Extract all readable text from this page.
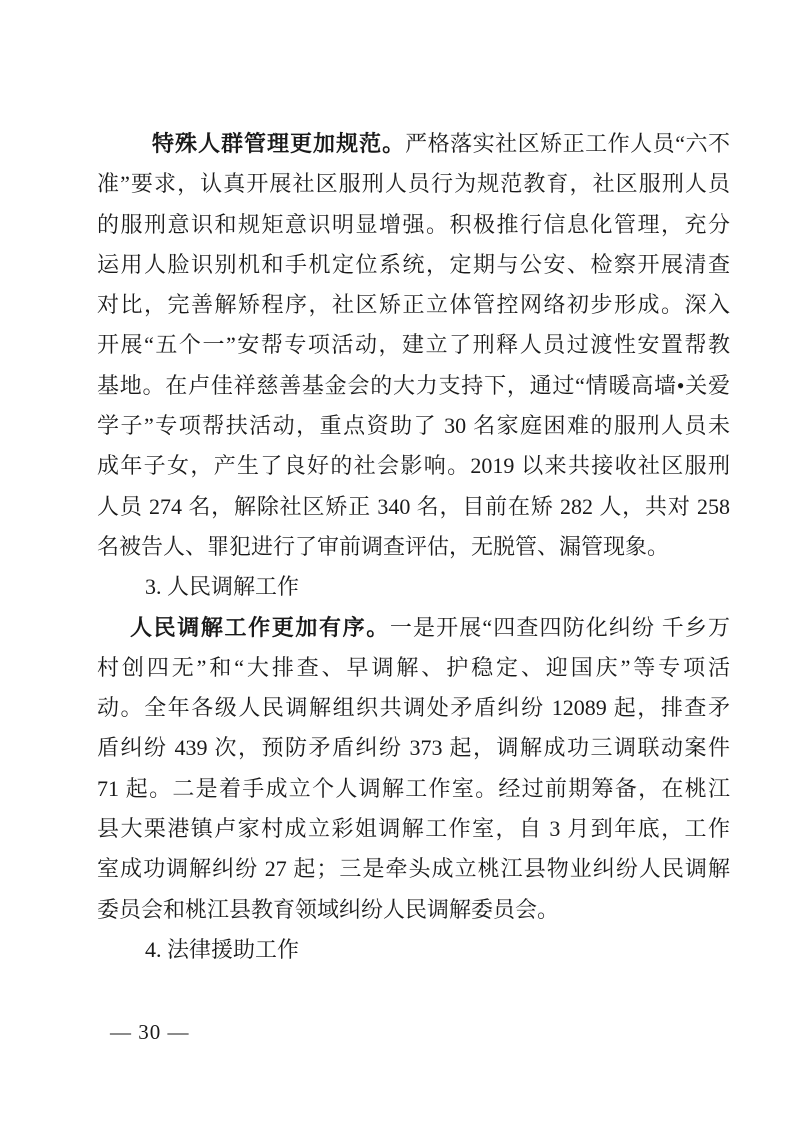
特殊人群管理更加规范。严格落实社区矫正工作人员“六不
准”要求，认真开展社区服刑人员行为规范教育，社区服刑人员
的服刑意识和规矩意识明显增强。积极推行信息化管理，充分
运用人脸识别机和手机定位系统，定期与公安、检察开展清查
对比，完善解矫程序，社区矫正立体管控网络初步形成。深入
开展“五个一”安帮专项活动，建立了刑释人员过渡性安置帮教
基地。在卢佳祥慈善基金会的大力支持下，通过“情暖高墙•关爱
学子”专项帮扶活动，重点资助了 30 名家庭困难的服刑人员未
成年子女，产生了良好的社会影响。2019 以来共接收社区服刑
人员 274 名，解除社区矫正 340 名，目前在矫 282 人，共对 258
名被告人、罪犯进行了审前调查评估，无脱管、漏管现象。
3. 人民调解工作
人民调解工作更加有序。一是开展“四查四防化纠纷 千乡万
村创四无”和“大排查、早调解、护稳定、迎国庆”等专项活
动。全年各级人民调解组织共调处矛盾纠纷 12089 起，排查矛
盾纠纷 439 次，预防矛盾纠纷 373 起，调解成功三调联动案件
71 起。二是着手成立个人调解工作室。经过前期筹备，在桃江
县大栗港镇卢家村成立彩姐调解工作室，自 3 月到年底，工作
室成功调解纠纷 27 起；三是牵头成立桃江县物业纠纷人民调解
委员会和桃江县教育领域纠纷人民调解委员会。
4. 法律援助工作
— 30 —
